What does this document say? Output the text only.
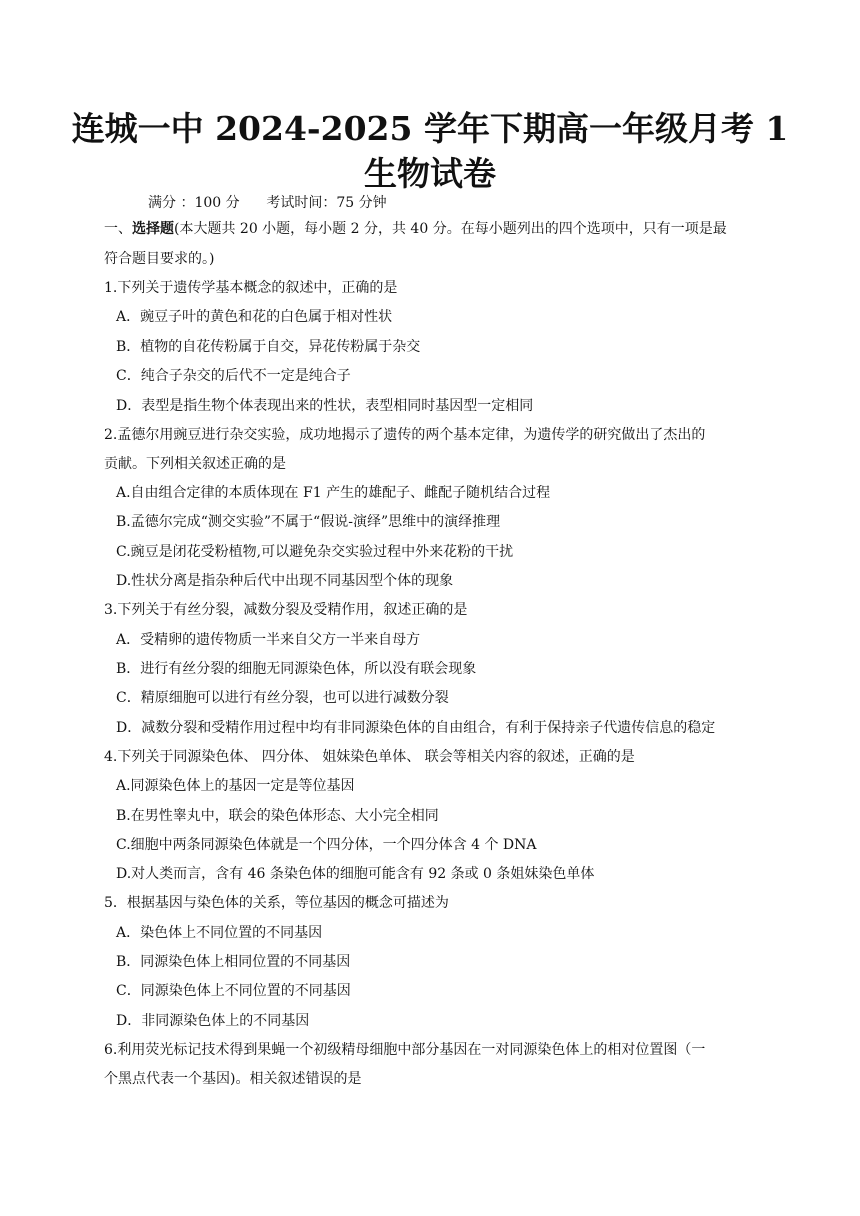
连城一中 2024-2025 学年下期高一年级月考 1
生物试卷
满分 ：100 分      考试时间：75 分钟
一、选择题(本大题共 20 小题，每小题 2 分，共 40 分。在每小题列出的四个选项中，只有一项是最
符合题目要求的。)
1.下列关于遗传学基本概念的叙述中，正确的是
A．豌豆子叶的黄色和花的白色属于相对性状
B．植物的自花传粉属于自交，异花传粉属于杂交
C．纯合子杂交的后代不一定是纯合子
D．表型是指生物个体表现出来的性状，表型相同时基因型一定相同
2.孟德尔用豌豆进行杂交实验，成功地揭示了遗传的两个基本定律，为遗传学的研究做出了杰出的
贡献。下列相关叙述正确的是
A.自由组合定律的本质体现在 F1 产生的雄配子、雌配子随机结合过程
B.孟德尔完成“测交实验”不属于“假说-演绎”思维中的演绎推理
C.豌豆是闭花受粉植物,可以避免杂交实验过程中外来花粉的干扰
D.性状分离是指杂种后代中出现不同基因型个体的现象
3.下列关于有丝分裂，减数分裂及受精作用，叙述正确的是
A．受精卵的遗传物质一半来自父方一半来自母方
B．进行有丝分裂的细胞无同源染色体，所以没有联会现象
C．精原细胞可以进行有丝分裂，也可以进行减数分裂
D．减数分裂和受精作用过程中均有非同源染色体的自由组合，有利于保持亲子代遗传信息的稳定
4.下列关于同源染色体、 四分体、 姐妹染色单体、 联会等相关内容的叙述，正确的是
A.同源染色体上的基因一定是等位基因
B.在男性睾丸中，联会的染色体形态、大小完全相同
C.细胞中两条同源染色体就是一个四分体，一个四分体含 4 个 DNA
D.对人类而言，含有 46 条染色体的细胞可能含有 92 条或 0 条姐妹染色单体
5．根据基因与染色体的关系，等位基因的概念可描述为
A．染色体上不同位置的不同基因
B．同源染色体上相同位置的不同基因
C．同源染色体上不同位置的不同基因
D．非同源染色体上的不同基因
6.利用荧光标记技术得到果蝇一个初级精母细胞中部分基因在一对同源染色体上的相对位置图（一
个黑点代表一个基因)。相关叙述错误的是
